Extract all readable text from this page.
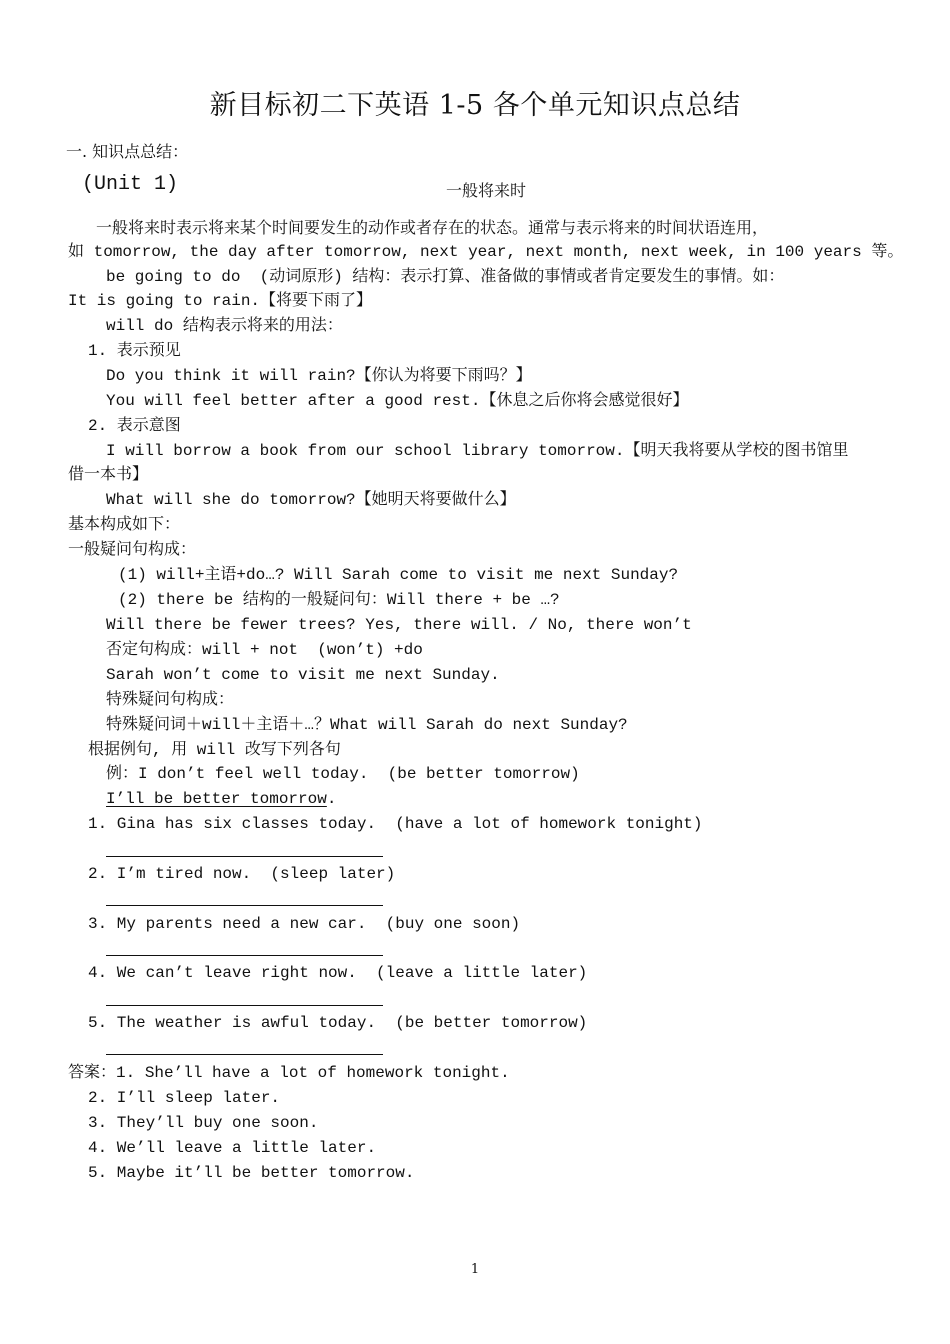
新目标初二下英语 1-5 各个单元知识点总结
一. 知识点总结：
(Unit 1)	一般将来时
一般将来时表示将来某个时间要发生的动作或者存在的状态。通常与表示将来的时间状语连用，
如 tomorrow, the day after tomorrow, next year, next month, next week, in 100 years 等。
be going to do  (动词原形) 结构：表示打算、准备做的事情或者肯定要发生的事情。如：
It is going to rain.【将要下雨了】
will do 结构表示将来的用法：
1. 表示预见
Do you think it will rain?【你认为将要下雨吗？】
You will feel better after a good rest.【休息之后你将会感觉很好】
2. 表示意图
I will borrow a book from our school library tomorrow.【明天我将要从学校的图书馆里
借一本书】
What will she do tomorrow?【她明天将要做什么】
基本构成如下：
一般疑问句构成：
(1) will+主语+do…? Will Sarah come to visit me next Sunday?
(2) there be 结构的一般疑问句：Will there + be …?
Will there be fewer trees? Yes, there will. / No, there won’t
否定句构成：will + not  (won’t) +do
Sarah won’t come to visit me next Sunday.
特殊疑问句构成：
特殊疑问词＋will＋主语＋…？What will Sarah do next Sunday?
根据例句, 用 will 改写下列各句
例：I don’t feel well today.  (be better tomorrow)
I’ll be better tomorrow.
1. Gina has six classes today.  (have a lot of homework tonight)
2. I’m tired now.  (sleep later)
3. My parents need a new car.  (buy one soon)
4. We can’t leave right now.  (leave a little later)
5. The weather is awful today.  (be better tomorrow)
答案：1. She’ll have a lot of homework tonight.
2. I’ll sleep later.
3. They’ll buy one soon.
4. We’ll leave a little later.
5. Maybe it’ll be better tomorrow.
1
